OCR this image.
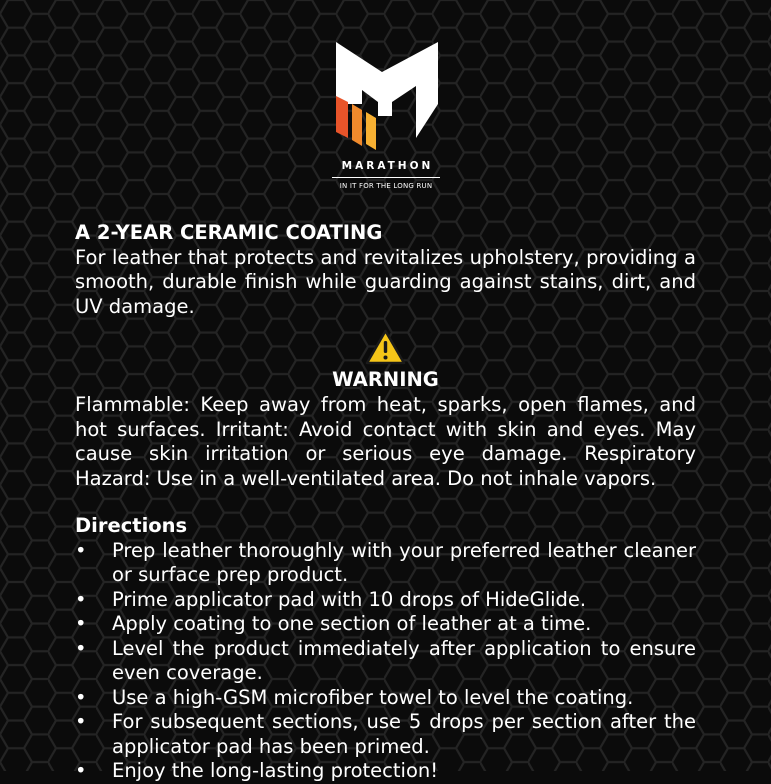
MARATHON
IN IT FOR THE LONG RUN
A 2-YEAR CERAMIC COATING
For leather that protects and revitalizes upholstery, providing a smooth, durable finish while guarding against stains, dirt, and UV damage.
WARNING
Flammable: Keep away from heat, sparks, open flames, and hot surfaces. Irritant: Avoid contact with skin and eyes. May cause skin irritation or serious eye damage. Respiratory Hazard: Use in a well-ventilated area. Do not inhale vapors.
Directions
• Prep leather thoroughly with your preferred leather cleaner or surface prep product.
• Prime applicator pad with 10 drops of HideGlide.
• Apply coating to one section of leather at a time.
• Level the product immediately after application to ensure even coverage.
• Use a high-GSM microfiber towel to level the coating.
• For subsequent sections, use 5 drops per section after the applicator pad has been primed.
• Enjoy the long-lasting protection!
